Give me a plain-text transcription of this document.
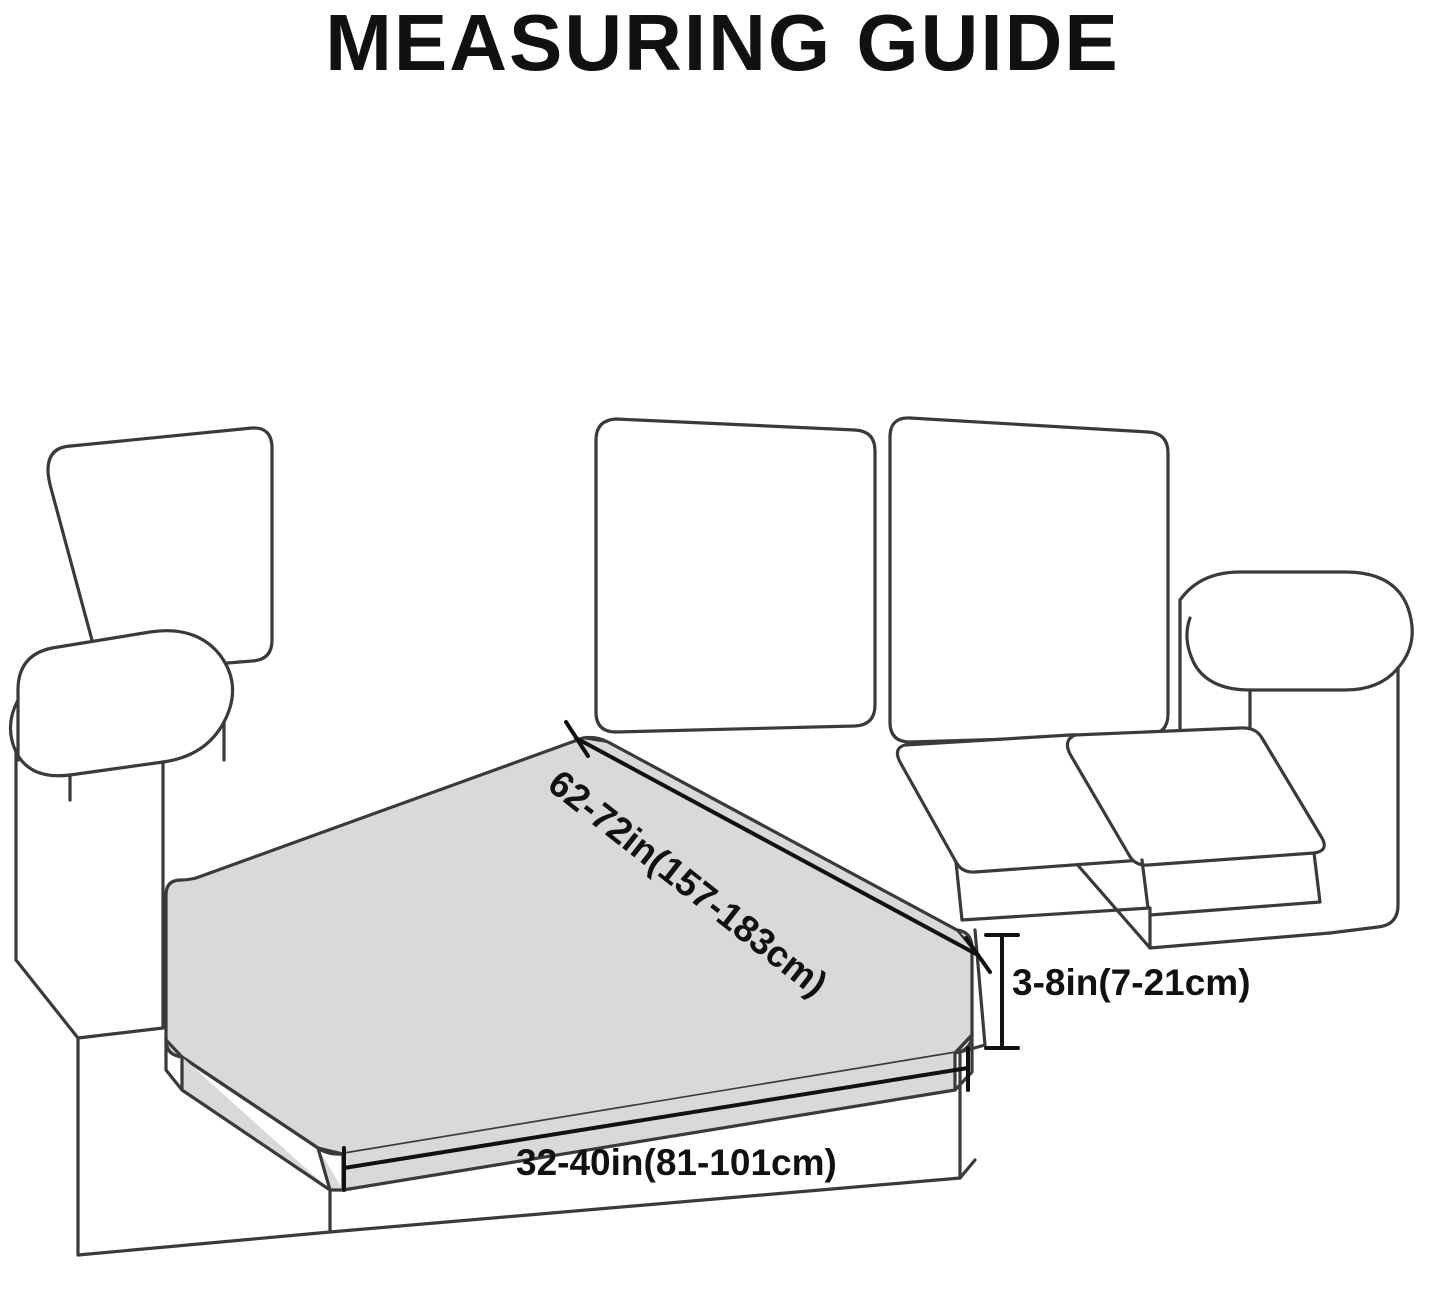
MEASURING GUIDE
62-72in(157-183cm)	3-8in(7-21cm)
32-40in(81-101cm)
